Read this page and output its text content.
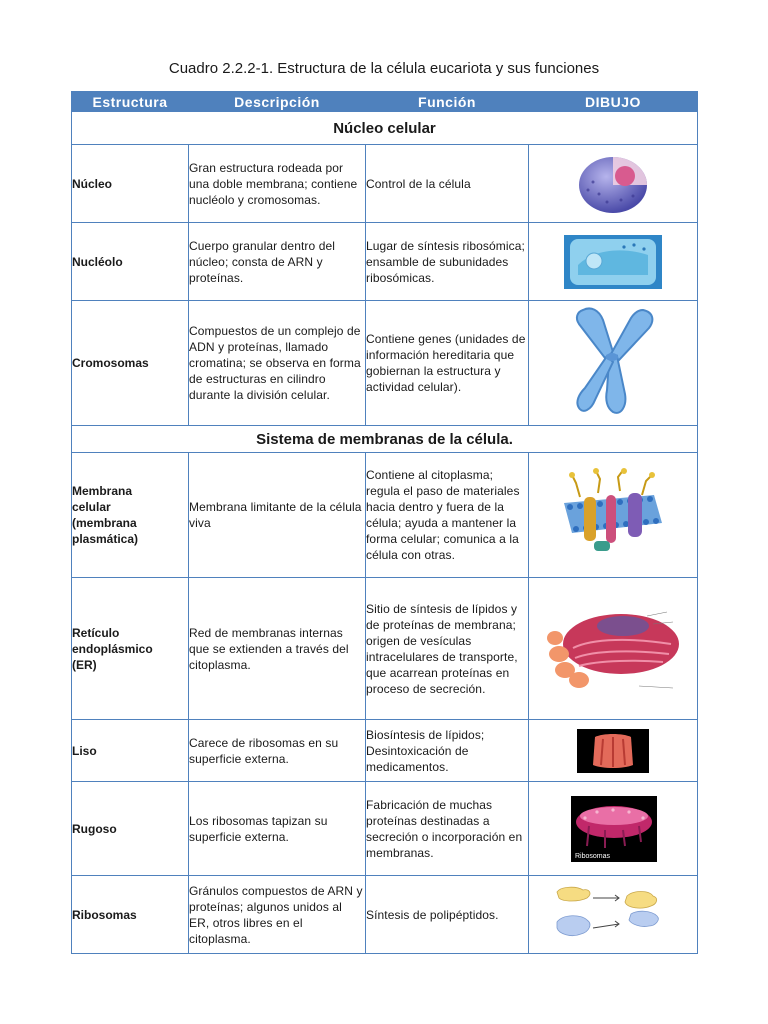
Cuadro 2.2.2-1. Estructura de la célula eucariota y sus funciones
Estructura	Descripción	Función	DIBUJO
Núcleo celular			
Núcleo	Gran estructura rodeada por una doble membrana; contiene nucléolo y cromosomas.	Control de la célula	

Nucléolo	Cuerpo granular dentro del núcleo; consta de ARN y proteínas.	Lugar de síntesis ribosómica; ensamble de subunidades ribosómicas.	

Cromosomas	Compuestos de un complejo de ADN y proteínas, llamado cromatina; se observa en forma de estructuras en cilindro durante la división celular.	Contiene genes (unidades de información hereditaria que gobiernan la estructura y actividad celular).	

Sistema de membranas de la célula.			
Membrana
celular
(membrana
plasmática)	Membrana limitante de la célula viva	Contiene al citoplasma; regula el paso de materiales hacia dentro y fuera de la célula; ayuda a mantener la forma celular; comunica a la célula con otras.	

Retículo
endoplásmico
(ER)	Red de membranas internas que se extienden a través del citoplasma.	Sitio de síntesis de lípidos y de proteínas de membrana; origen de vesículas intracelulares de transporte, que acarrean proteínas en proceso de secreción.	

Liso	Carece de ribosomas en su superficie externa.	Biosíntesis de lípidos; Desintoxicación de medicamentos.	

Rugoso	Los ribosomas tapizan su superficie externa.	Fabricación de muchas proteínas destinadas a secreción o incorporación en membranas.	Ribosomas

Ribosomas	Gránulos compuestos de ARN y proteínas; algunos unidos al ER, otros libres en el citoplasma.	Síntesis de polipéptidos.	
